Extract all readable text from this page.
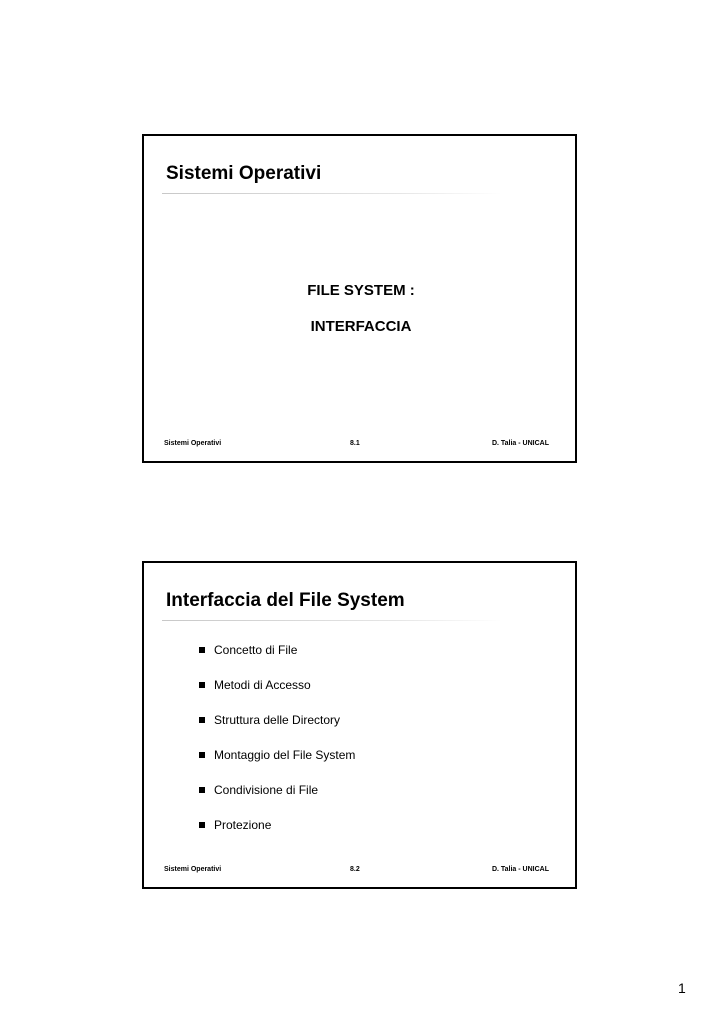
Sistemi Operativi
FILE SYSTEM :
INTERFACCIA
Sistemi Operativi	8.1	D. Talia - UNICAL
Interfaccia del File System
Concetto di File
Metodi di Accesso
Struttura delle Directory
Montaggio del File System
Condivisione di File
Protezione
Sistemi Operativi	8.2	D. Talia - UNICAL
1
